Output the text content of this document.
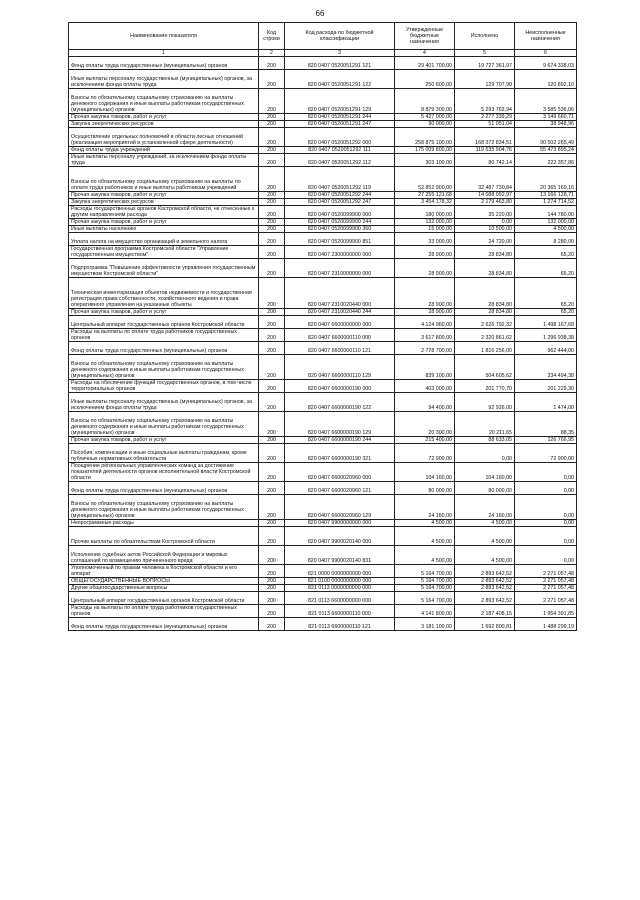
66
Наименование показателя	Код строки	Код расхода по бюджетной классификации	Утвержденные бюджетные назначения	Исполнено	Неисполненные назначения
1	2	3	4	5	6
Фонд оплаты труда государственных (муниципальных) органов	200	820 0407 0520051291 121	29 401 700,00	19 727 361,97	9 674 338,03
Иные выплаты персоналу государственных (муниципальных) органов, за исключением фонда оплаты труда	200	820 0407 0520051291 122	250 600,00	129 707,90	120 892,10
Взносы по обязательному социальному страхованию на выплаты денежного содержания и иные выплаты работникам государственных (муниципальных) органов	200	820 0407 0520051291 129	8 879 300,00	5 293 763,94	3 585 536,06
Прочая закупка товаров, работ и услуг	200	820 0407 0520051291 244	5 427 000,00	2 277 339,29	3 149 660,71
Закупка энергетических ресурсов	200	820 0407 0520051291 247	90 000,00	51 051,04	38 948,96
Осуществление отдельных полномочий в области лесных отношений (реализация мероприятий в установленной сфере деятельности)	200	820 0407 0520051292 000	258 875 100,00	168 372 834,51	90 502 265,49
Фонд оплаты труда учреждений	200	820 0407 0520051292 111	175 009 800,00	119 535 904,76	55 473 895,24
Иные выплаты персоналу учреждений, за исключением фонда оплаты труда	200	820 0407 0520051292 112	303 100,00	80 742,14	222 357,86
Взносы по обязательному социальному страхованию на выплаты по оплате труда работников и иные выплаты работникам учреждений	200	820 0407 0520051292 119	52 852 900,00	32 487 730,84	20 365 169,16
Прочая закупка товаров, работ и услуг	200	820 0407 0520051292 244	27 255 121,68	14 088 992,97	13 166 128,71
Закупка энергетических ресурсов	200	820 0407 0520051292 247	3 454 178,32	2 179 463,80	1 274 714,52
Расходы государственных органов Костромской области, не отнесенные к другим направлениям расхода	200	820 0407 0520099900 000	180 000,00	35 220,00	144 780,00
Прочая закупка товаров, работ и услуг	200	820 0407 0520099900 244	132 000,00	0,00	132 000,00
Иные выплаты населению	200	820 0407 0520099900 360	15 000,00	10 500,00	4 500,00
Уплата налога на имущество организаций и земельного налога	200	820 0407 0520099900 851	33 000,00	24 720,00	8 280,00
Государственная программа Костромской области "Управление государственным имуществом"	200	820 0407 2300000000 000	28 900,00	28 834,80	65,20
Подпрограмма "Повышение эффективности управления государственным имуществом Костромской области"	200	820 0407 2310000000 000	28 900,00	28 834,80	65,20
Техническая инвентаризация объектов недвижимости и государственная регистрация права собственности, хозяйственного ведения и права оперативного управления на указанные объекты	200	820 0407 2310020440 000	28 900,00	28 834,80	65,20
Прочая закупка товаров, работ и услуг	200	820 0407 2310020440 244	28 900,00	28 834,80	65,20
Центральный аппарат государственных органов Костромской области	200	820 0407 6600000000 000	4 124 960,00	2 626 792,32	1 498 167,68
Расходы на выплаты по оплате труда работников государственных органов	200	820 0407 6600000110 000	3 617 800,00	2 320 861,62	1 296 938,38
Фонд оплаты труда государственных (муниципальных) органов	200	820 0407 6600000110 121	2 778 700,00	1 816 256,00	962 444,00
Взносы по обязательному социальному страхованию на выплаты денежного содержания и иные выплаты работникам государственных (муниципальных) органов	200	820 0407 6600000110 129	839 100,00	504 605,62	334 494,38
Расходы на обеспечение функций государственных органов, в том числе территориальных органов	200	820 0407 6600000190 000	403 000,00	201 770,70	201 229,30
Иные выплаты персоналу государственных (муниципальных) органов, за исключением фонда оплаты труда	200	820 0407 6600000190 122	94 400,00	92 926,00	1 474,00
Взносы по обязательному социальному страхованию на выплаты денежного содержания и иные выплаты работникам государственных (муниципальных) органов	200	820 0407 6600000190 129	20 300,00	20 211,65	88,35
Прочая закупка товаров, работ и услуг	200	820 0407 6600000190 244	215 400,00	88 633,05	126 766,95
Пособия, компенсации и иные социальные выплаты гражданам, кроме публичных нормативных обязательств	200	820 0407 6600000190 321	72 900,00	0,00	72 900,00
Поощрение региональных управленческих команд за достижение показателей деятельности органов исполнительной власти Костромской области	200	820 0407 6600020960 000	104 160,00	104 160,00	0,00
Фонд оплаты труда государственных (муниципальных) органов	200	820 0407 6600020960 121	80 000,00	80 000,00	0,00
Взносы по обязательному социальному страхованию на выплаты денежного содержания и иные выплаты работникам государственных (муниципальных) органов	200	820 0407 6600020960 129	24 160,00	24 160,00	0,00
Непрограммные расходы	200	820 0407 9900000000 000	4 500,00	4 500,00	0,00
Прочие выплаты по обязательствам Костромской области	200	820 0407 9900020140 000	4 500,00	4 500,00	0,00
Исполнение судебных актов Российской Федерации и мировых соглашений по возмещению причиненного вреда	200	820 0407 9900020140 831	4 500,00	4 500,00	0,00
Уполномоченный по правам человека в Костромской области и его аппарат	200	821 0000 0000000000 000	5 164 700,00	2 893 642,52	2 271 057,48
ОБЩЕГОСУДАРСТВЕННЫЕ ВОПРОСЫ	200	821 0100 0000000000 000	5 164 700,00	2 893 642,52	2 271 057,48
Другие общегосударственные вопросы	200	821 0113 0000000000 000	5 164 700,00	2 893 642,52	2 271 057,48
Центральный аппарат государственных органов Костромской области	200	821 0113 6600000000 000	5 164 700,00	2 893 642,52	2 271 057,48
Расходы на выплаты по оплате труда работников государственных органов	200	821 0113 6600000110 000	4 141 800,00	2 187 408,15	1 954 391,85
Фонд оплаты труда государственных (муниципальных) органов	200	821 0113 6600000110 121	3 181 100,00	1 692 800,81	1 488 299,19
